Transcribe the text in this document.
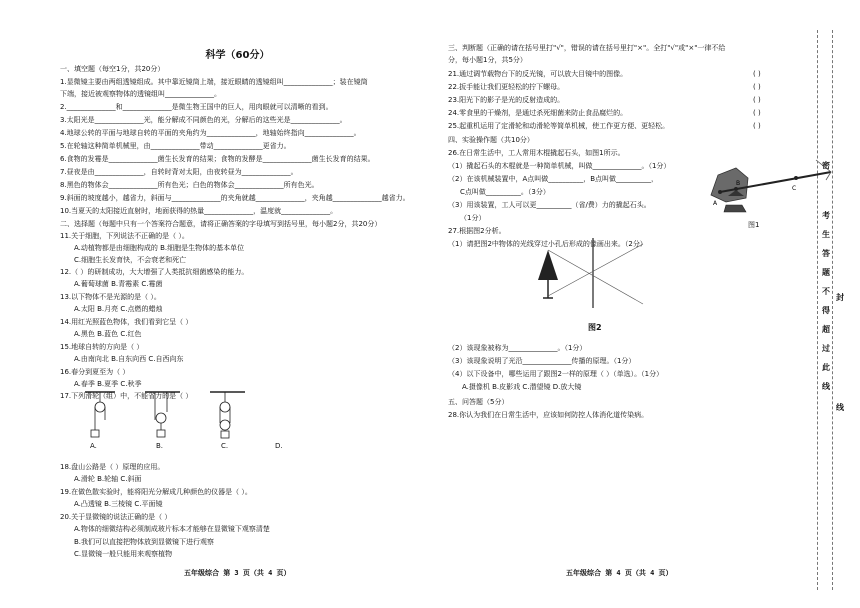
科学（60分）
一、填空题（每空1分，共20分）
1.显微镜主要由两组透镜组成。其中靠近镜筒上端，接近眼睛的透镜组叫______________；装在镜筒
下端，接近被观察物体的透镜组叫______________。
2.______________和______________是微生物王国中的巨人，用肉眼就可以清晰的看到。
3.太阳光是______________光，能分解成不同颜色的光，分解后的这些光是______________。
4.地球公转的平面与地球自转的平面的夹角约为______________，地轴始终指向______________。
5.在轮轴这种简单机械里，由______________带动______________更省力。
6.食物的发霉是______________菌生长发育的结果；食物的发酵是______________菌生长发育的结果。
7.昼夜是由______________，自转时背对太阳，由夜转昼为______________。
8.黑色的物体会______________所有色光；白色的物体会______________所有色光。
9.斜面的坡度越小，越省力，斜面与______________的夹角就越______________，夹角越______________越省力。
10.当夏天的太阳接近直射时，地面获得的热量______________，温度就______________。
二、选择题（每题中只有一个答案符合题意，请将正确答案的字母填写到括号里，每小题2分，共20分）
11.关于细胞，下列说法不正确的是（ ）。
A.动植物都是由细胞构成的 B.细胞是生物体的基本单位
C.细胞生长发育快，不会衰老和死亡
12.（ ）的研制成功，大大增强了人类抵抗细菌感染的能力。
A.葡萄球菌 B.青霉素 C.霉菌
13.以下物体不是光源的是（ ）。
A.太阳 B.月亮 C.点燃的蜡烛
14.用红光照蓝色物体，我们看到它呈（ ）
A.黑色 B.蓝色 C.红色
15.地球自转的方向是（ ）
A.由南向北 B.自东向西 C.自西向东
16.春分到夏至为（ ）
A.春季 B.夏季 C.秋季
17.下列滑轮（组）中，不能省力的是（ ）
18.盘山公路是（ ）原理的应用。
A.滑轮 B.轮轴 C.斜面
19.在做色散实验时，能将阳光分解成几种颜色的仪器是（ ）。
A.凸透镜 B.三棱镜 C.平面镜
20.关于显微镜的说法正确的是（ ）
A.物体的细微结构必须制成玻片标本才能够在显微镜下观察清楚
B.我们可以直接把物体放到显微镜下进行观察
C.显微镜一般只能用来观察植物
A.	B.	C.	D.
五年级综合 第 3 页（共 4 页）
三、判断题（正确的请在括号里打"√"，错误的请在括号里打"×"。全打"√"或"×"一律不给
分，每小题1分，共5分）
21.通过调节载物台下的反光镜，可以放大目镜中的图像。
22.扳手能让我们更轻松的拧下螺母。
23.阳光下的影子是光的反射造成的。
24.零食里的干燥剂，是通过杀死细菌来防止食品腐烂的。
25.起重机运用了定滑轮和动滑轮等简单机械，使工作更方便、更轻松。
四、实验操作题（共10分）
26.在日常生活中，工人常用木棍撬起石头，如图1所示。
（1）撬起石头的木棍就是一种简单机械，叫做______________。（1分）
（2）在该机械装置中，A点叫做__________，B点叫做__________，
C点叫做__________。（3分）
（3）用该装置，工人可以更__________（省/费）力的撬起石头。
（1分）
27.根据图2分析。
（1）请把图2中物体的光线穿过小孔后形成的像画出来。（2分）
（2）该现象被称为______________。（1分）
（3）该现象说明了光沿______________传播的原理。（1分）
（4）以下设备中，哪些运用了跟图2一样的原理（ ）（单选）。（1分）
A.摄像机 B.皮影戏 C.潜望镜 D.放大镜
五、问答题（5分）
28.你认为我们在日常生活中，应该如何防控人体消化道传染病。
( )
( )
( )
( )
( )
A
B
C
图1
图2
五年级综合 第 4 页（共 4 页）
密
考
生
答
题
不
得
超
过
此
线
封
线
